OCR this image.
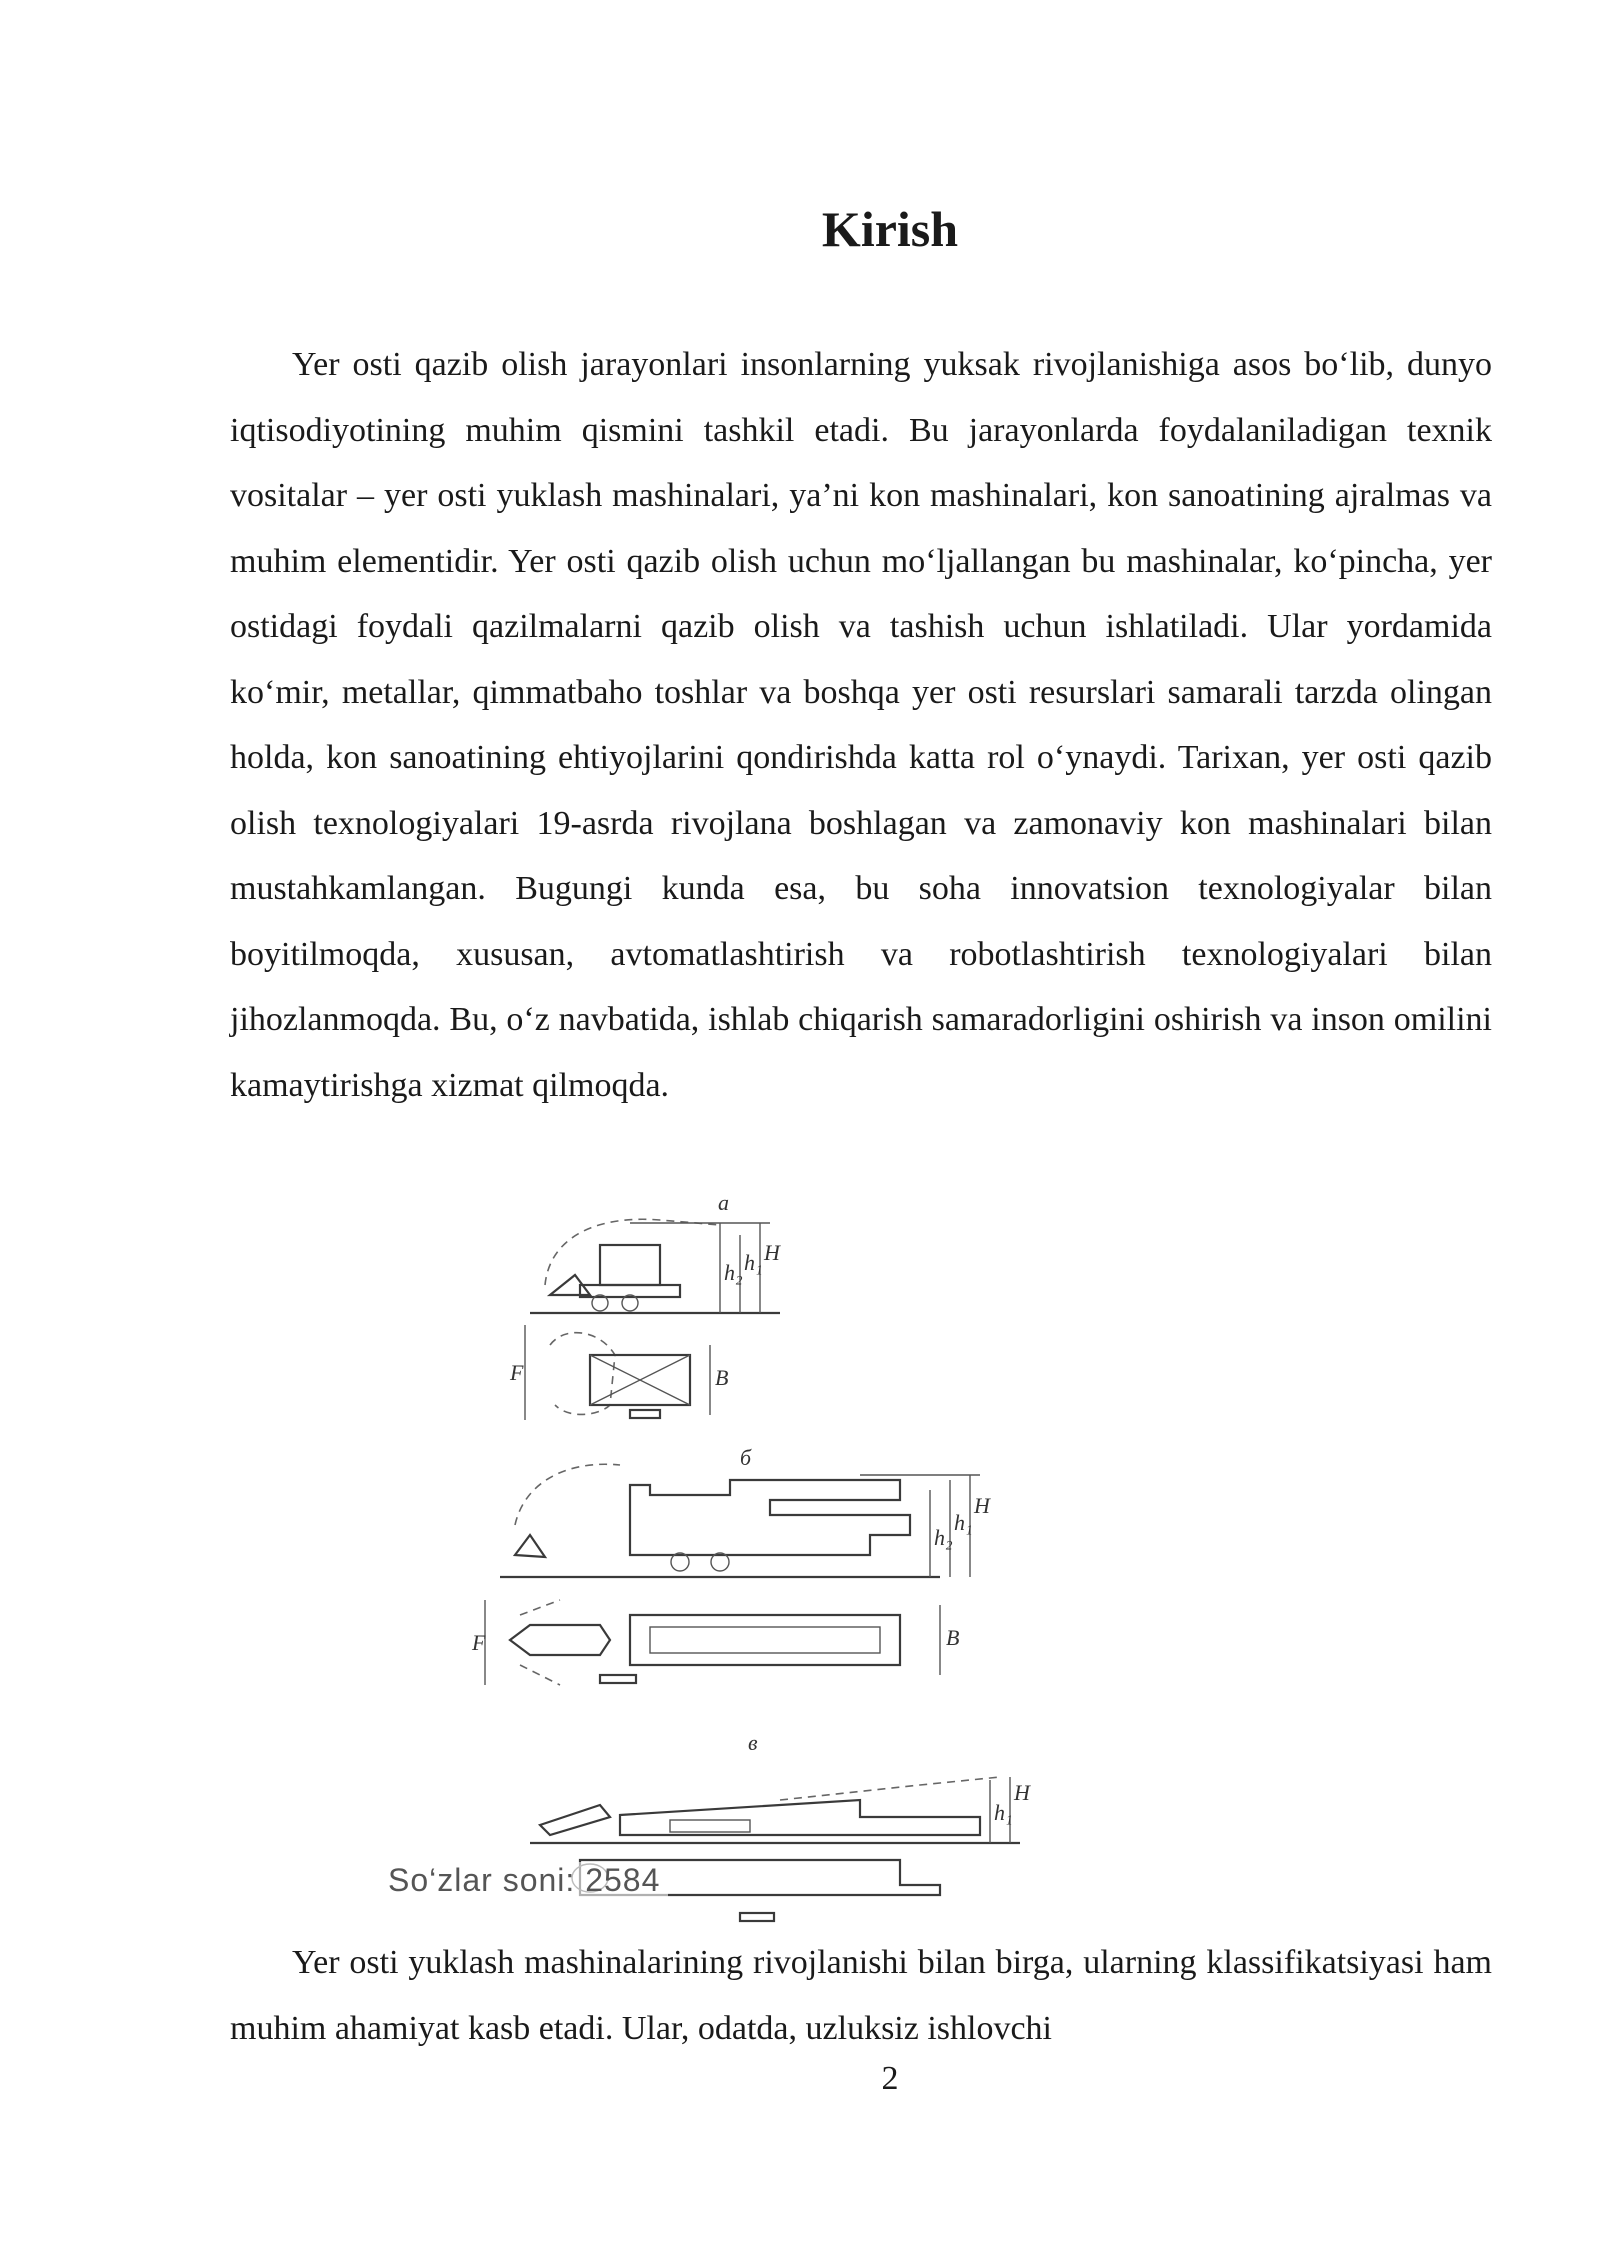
Kirish

Yer osti qazib olish jarayonlari insonlarning yuksak rivojlanishiga asos bo‘lib, dunyo iqtisodiyotining muhim qismini tashkil etadi. Bu jarayonlarda foydalaniladigan texnik vositalar – yer osti yuklash mashinalari, ya’ni kon mashinalari, kon sanoatining ajralmas va muhim elementidir. Yer osti qazib olish uchun mo‘ljallangan bu mashinalar, ko‘pincha, yer ostidagi foydali qazilmalarni qazib olish va tashish uchun ishlatiladi. Ular yordamida ko‘mir, metallar, qimmatbaho toshlar va boshqa yer osti resurslari samarali tarzda olingan holda, kon sanoatining ehtiyojlarini qondirishda katta rol o‘ynaydi. Tarixan, yer osti qazib olish texnologiyalari 19-asrda rivojlana boshlagan va zamonaviy kon mashinalari bilan mustahkamlangan. Bugungi kunda esa, bu soha innovatsion texnologiyalar bilan boyitilmoqda, xususan, avtomatlashtirish va robotlashtirish texnologiyalari bilan jihozlanmoqda. Bu, o‘z navbatida, ishlab chiqarish samaradorligini oshirish va inson omilini kamaytirishga xizmat qilmoqda.

а
h₂ h₁ H
F	B
б
h₂
h₁
H
F	B
в
h₁
H
So‘zlar soni: 2584

Yer osti yuklash mashinalarining rivojlanishi bilan birga, ularning klassifikatsiyasi ham muhim ahamiyat kasb etadi. Ular, odatda, uzluksiz ishlovchi

2
